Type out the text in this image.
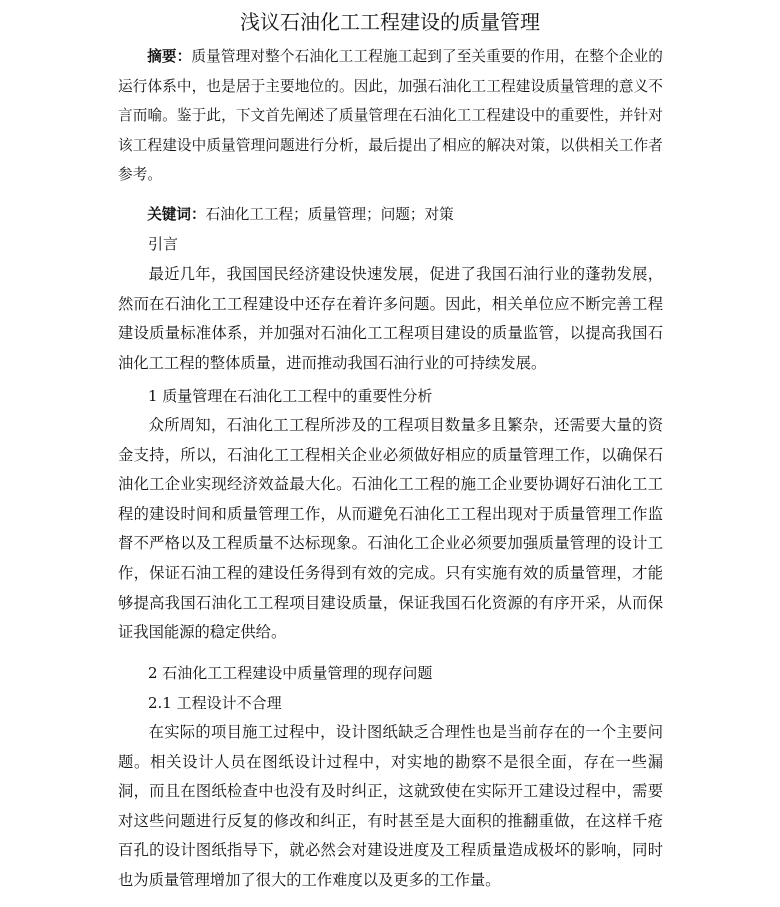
浅议石油化工工程建设的质量管理

摘要：质量管理对整个石油化工工程施工起到了至关重要的作用，在整个企业的运行体系中，也是居于主要地位的。因此，加强石油化工工程建设质量管理的意义不言而喻。鉴于此，下文首先阐述了质量管理在石油化工工程建设中的重要性，并针对该工程建设中质量管理问题进行分析，最后提出了相应的解决对策，以供相关工作者参考。

关键词：石油化工工程；质量管理；问题；对策

引言

最近几年，我国国民经济建设快速发展，促进了我国石油行业的蓬勃发展，然而在石油化工工程建设中还存在着许多问题。因此，相关单位应不断完善工程建设质量标准体系，并加强对石油化工工程项目建设的质量监管，以提高我国石油化工工程的整体质量，进而推动我国石油行业的可持续发展。

1 质量管理在石油化工工程中的重要性分析

众所周知，石油化工工程所涉及的工程项目数量多且繁杂，还需要大量的资金支持，所以，石油化工工程相关企业必须做好相应的质量管理工作，以确保石油化工企业实现经济效益最大化。石油化工工程的施工企业要协调好石油化工工程的建设时间和质量管理工作，从而避免石油化工工程出现对于质量管理工作监督不严格以及工程质量不达标现象。石油化工企业必须要加强质量管理的设计工作，保证石油工程的建设任务得到有效的完成。只有实施有效的质量管理，才能够提高我国石油化工工程项目建设质量，保证我国石化资源的有序开采，从而保证我国能源的稳定供给。

2 石油化工工程建设中质量管理的现存问题

2.1 工程设计不合理

在实际的项目施工过程中，设计图纸缺乏合理性也是当前存在的一个主要问题。相关设计人员在图纸设计过程中，对实地的勘察不是很全面，存在一些漏洞，而且在图纸检查中也没有及时纠正，这就致使在实际开工建设过程中，需要对这些问题进行反复的修改和纠正，有时甚至是大面积的推翻重做，在这样千疮百孔的设计图纸指导下，就必然会对建设进度及工程质量造成极坏的影响，同时也为质量管理增加了很大的工作难度以及更多的工作量。
